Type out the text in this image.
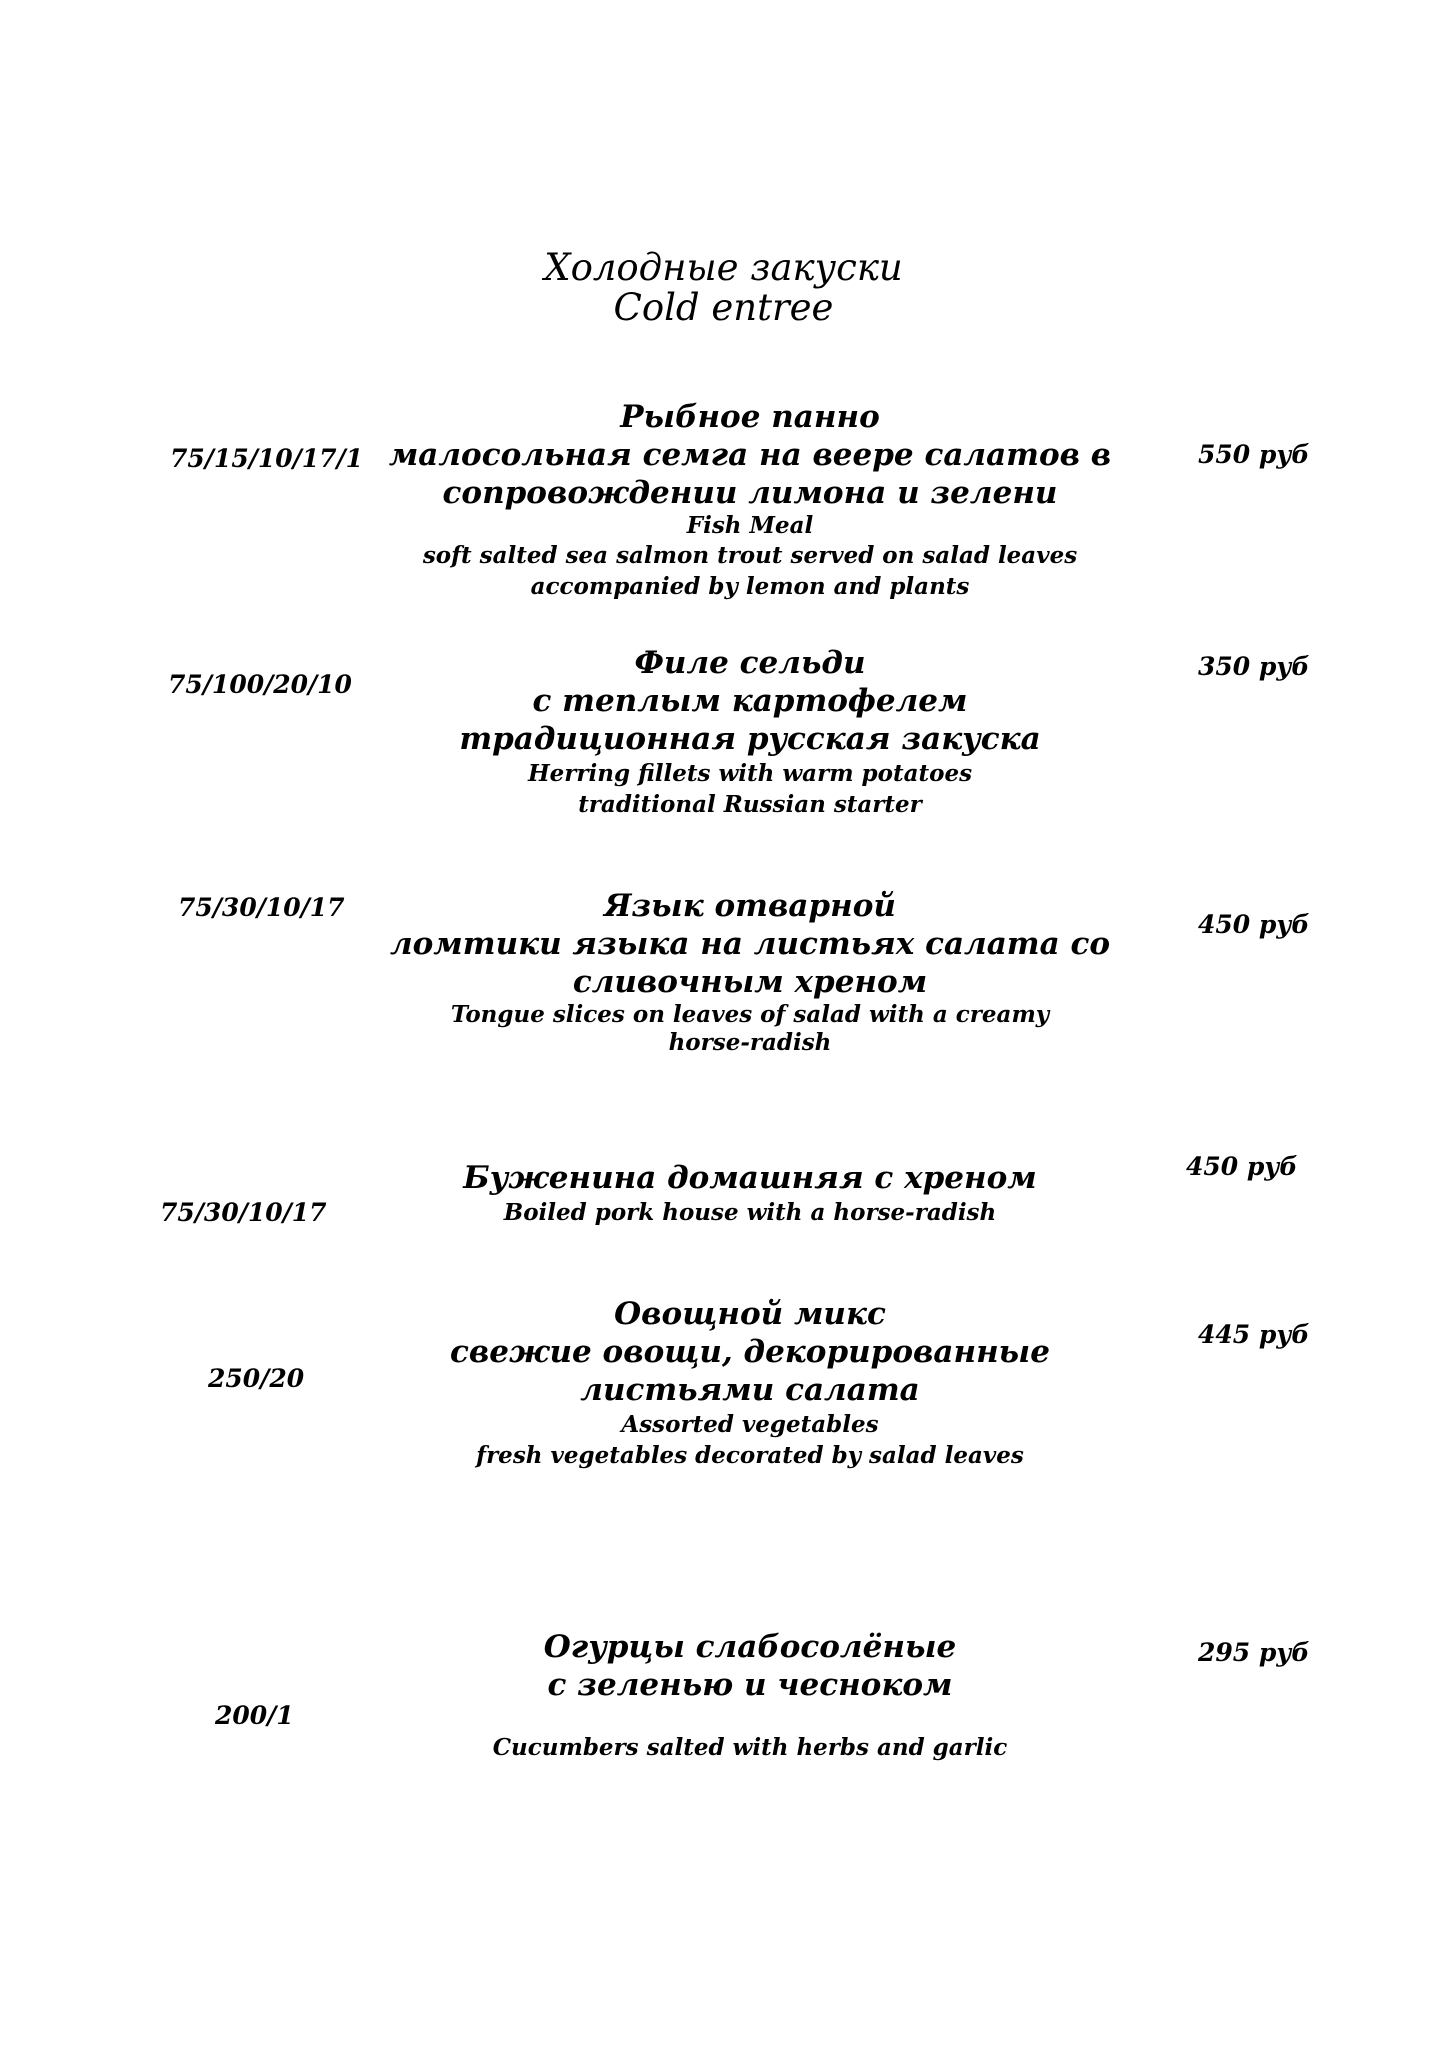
Холодные закуски
Cold entree
75/15/10/17/1	550 руб
Рыбное панно
малосольная семга на веере салатов в
сопровождении лимона и зелени
Fish Meal
soft salted sea salmon trout served on salad leaves
accompanied by lemon and plants
75/100/20/10
350 руб
Филе сельди
с теплым картофелем
традиционная русская закуска
Herring fillets with warm potatoes
traditional Russian starter
75/30/10/17
450 руб
Язык отварной
ломтики языка на листьях салата со
сливочным хреном
Tongue slices on leaves of salad with a creamy
horse-radish
75/30/10/17
450 руб
Буженина домашняя с хреном
Boiled pork house with a horse-radish
250/20
445 руб
Овощной микс
свежие овощи, декорированные
листьями салата
Assorted vegetables
fresh vegetables decorated by salad leaves
200/1
295 руб
Огурцы слабосолёные
с зеленью и чесноком
Cucumbers salted with herbs and garlic
